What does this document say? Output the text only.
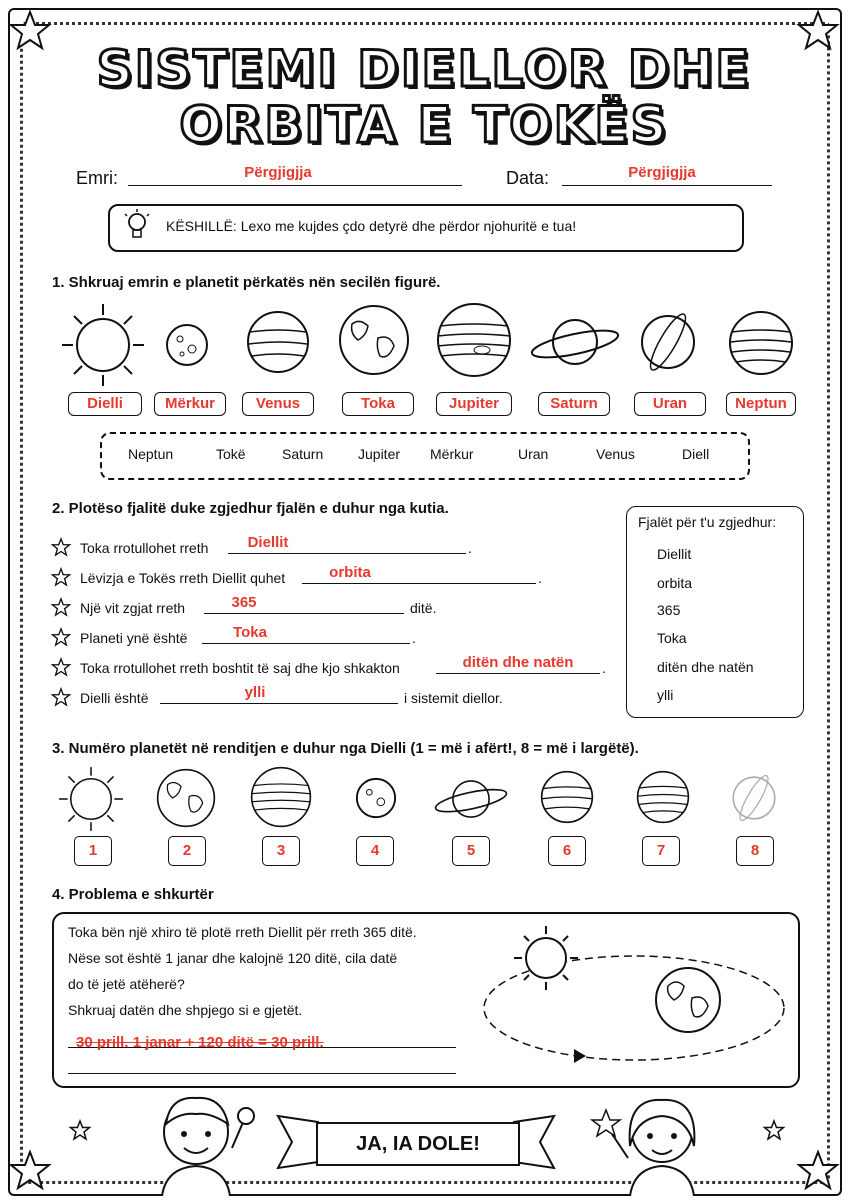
SISTEMI DIELLOR DHE
ORBITA E TOKËS
Emri:	Përgjigjja	Data:	Përgjigjja
KËSHILLË: Lexo me kujdes çdo detyrë dhe përdor njohuritë e tua!
1. Shkruaj emrin e planetit përkatës nën secilën figurë.
Dielli	Mërkur	Venus	Toka	Jupiter	Saturn	Uran	Neptun
Neptun	Tokë	Saturn Jupiter Mërkur	Uran	Venus	Diell
2. Plotëso fjalitë duke zgjedhur fjalën e duhur nga kutia.
Toka rrotullohet rreth	Diellit	.
Lëvizja e Tokës rreth Diellit quhet	orbita	.
Një vit zgjat rreth	365	ditë.
Planeti ynë është	Toka	.
Toka rrotullohet rreth boshtit të saj dhe kjo shkakton	ditën dhe natën	.
Dielli është	ylli	i sistemit diellor.
Fjalët për t'u zgjedhur:
Diellit
orbita
365
Toka
ditën dhe natën
ylli
3. Numëro planetët në renditjen e duhur nga Dielli (1 = më i afërt!, 8 = më i largëtë).
1	2	3	4	5	6	7	8
4. Problema e shkurtër
Toka bën një xhiro të plotë rreth Diellit për rreth 365 ditë.
Nëse sot është 1 janar dhe kalojnë 120 ditë, cila datë
do të jetë atëherë?
Shkruaj datën dhe shpjego si e gjetët.
30 prill. 1 janar + 120 ditë = 30 prill.
JA, IA DOLE!
